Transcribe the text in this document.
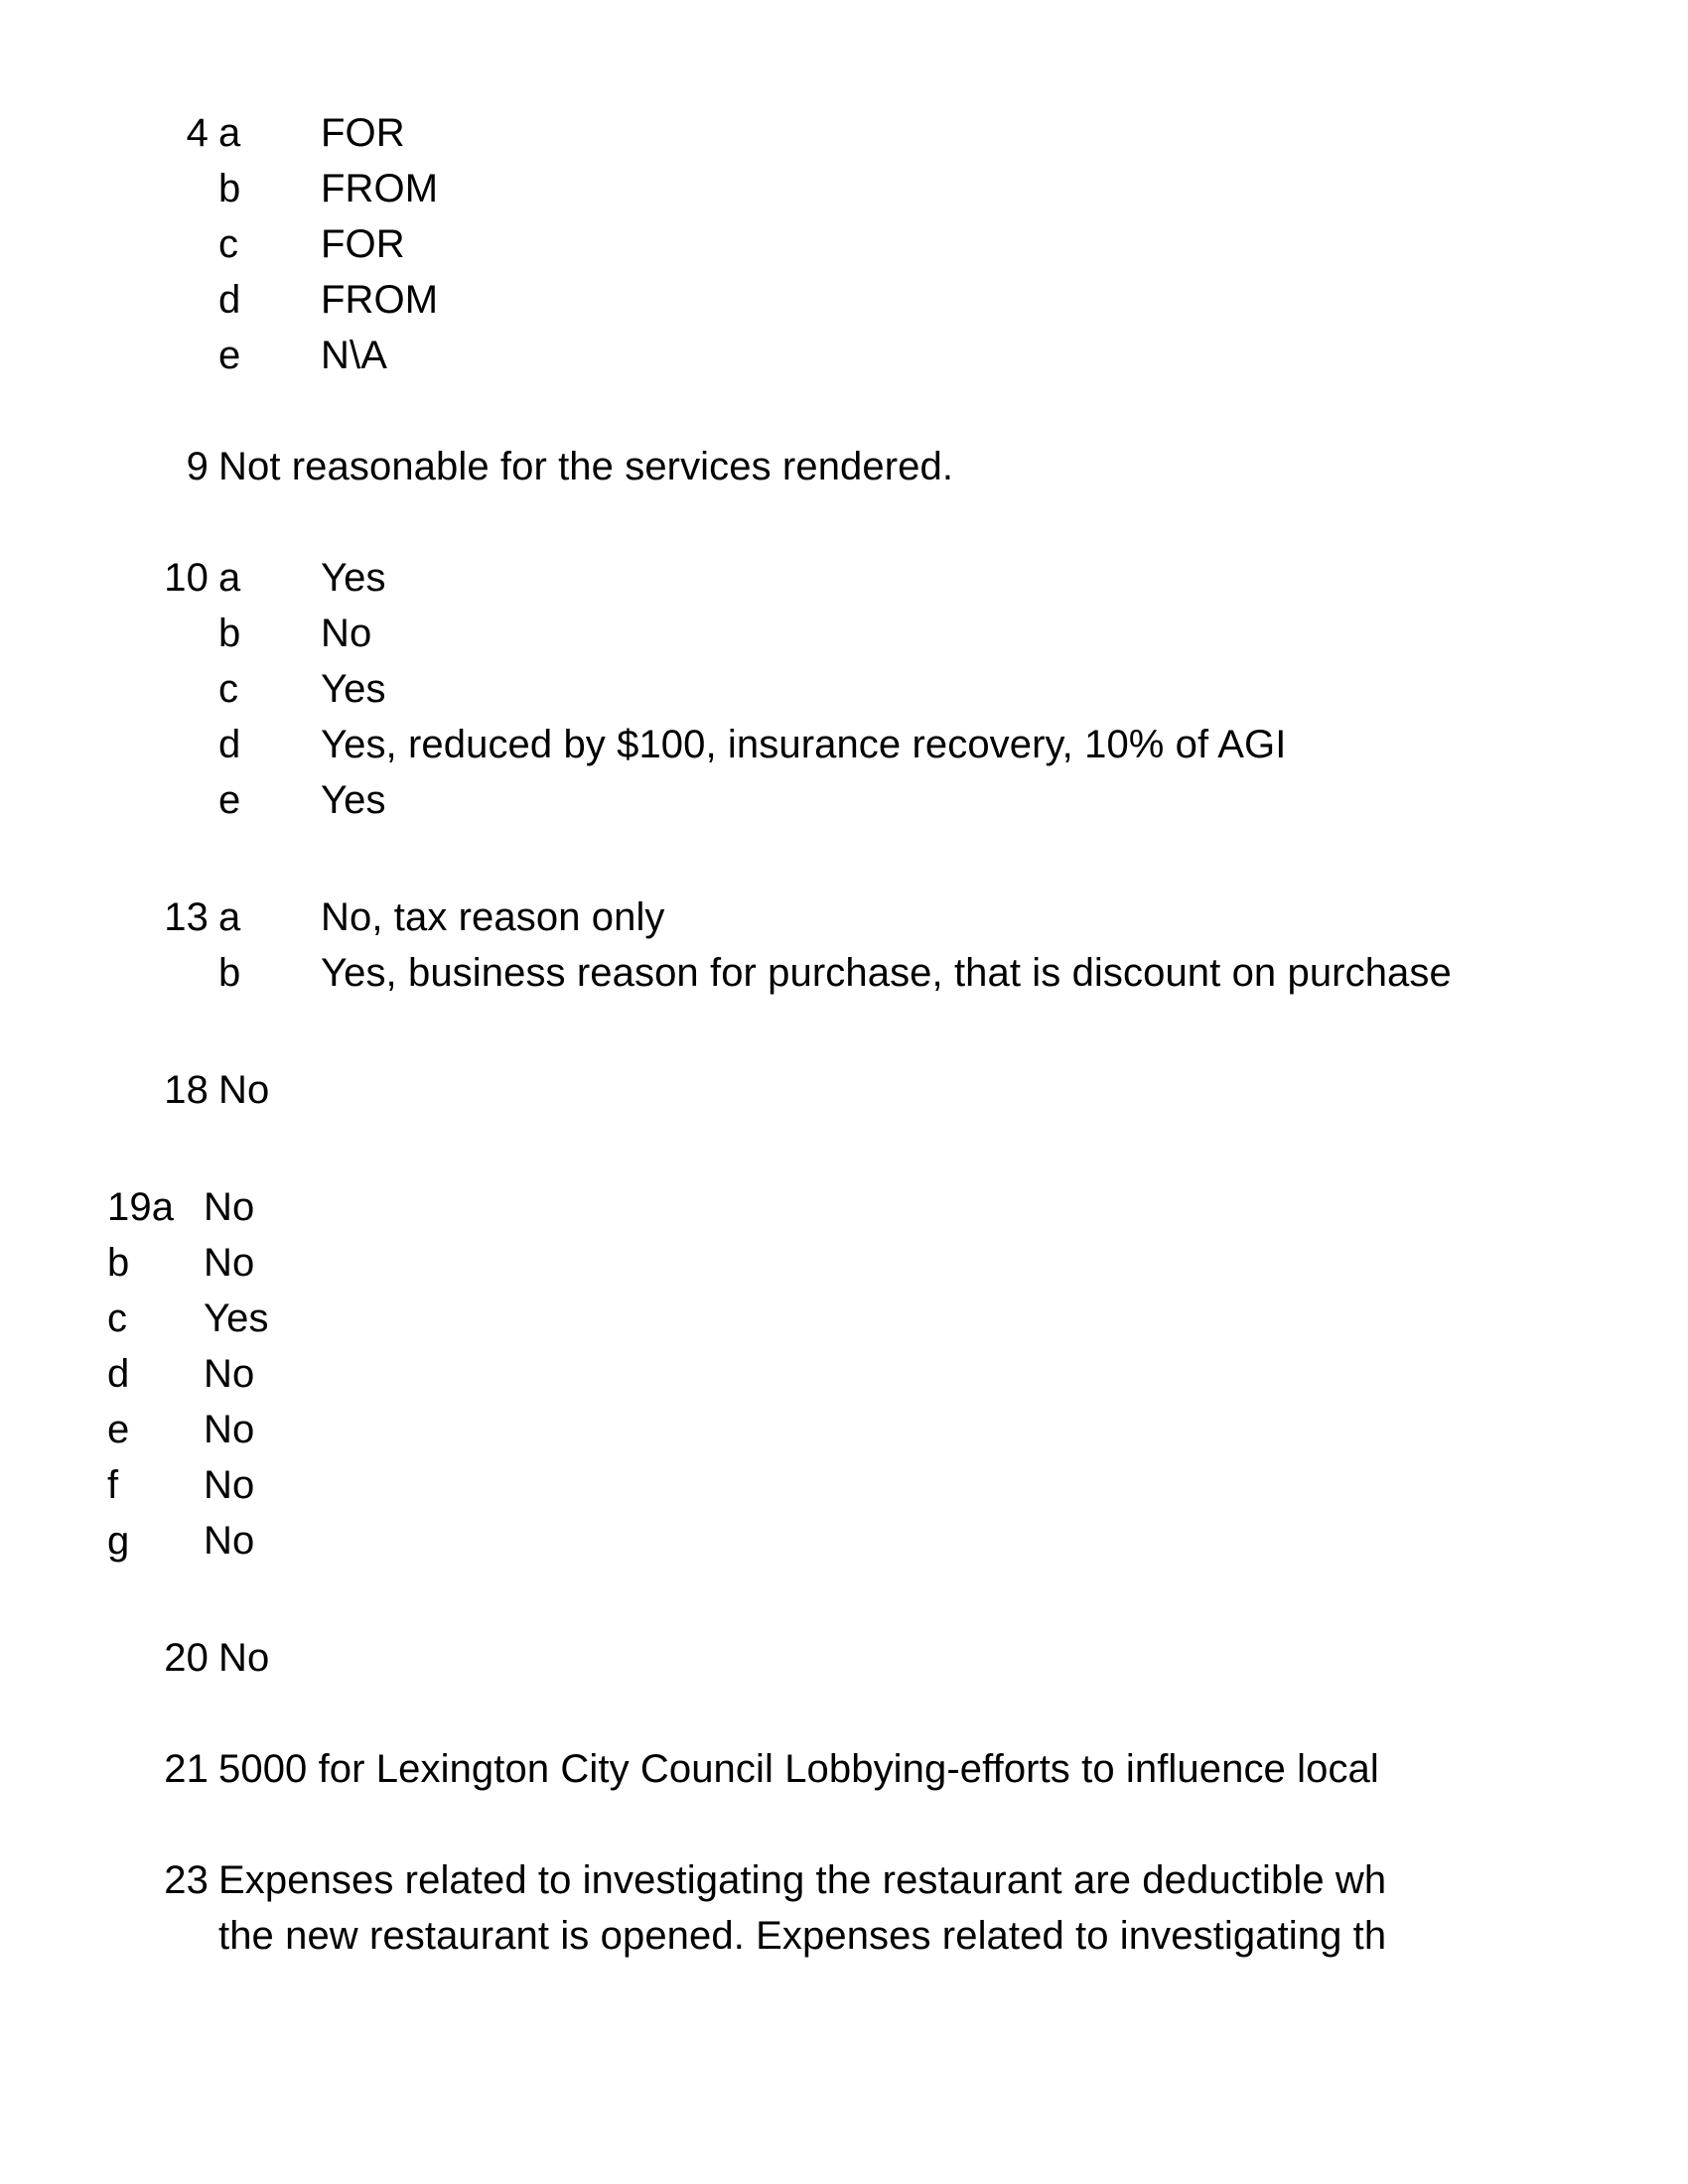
4 a	FOR
b	FROM
c	FOR
d	FROM
e	N\A
9 Not reasonable for the services rendered.
10 a	Yes
b	No
c	Yes
d	Yes, reduced by $100, insurance recovery, 10% of AGI
e	Yes
13 a	No, tax reason only
b	Yes, business reason for purchase, that is discount on purchase
18 No
19a No
b	No
c	Yes
d	No
e	No
f	No
g	No
20 No
21 5000 for Lexington City Council Lobbying-efforts to influence local
23 Expenses related to investigating the restaurant are deductible wh
the new restaurant is opened. Expenses related to investigating th
